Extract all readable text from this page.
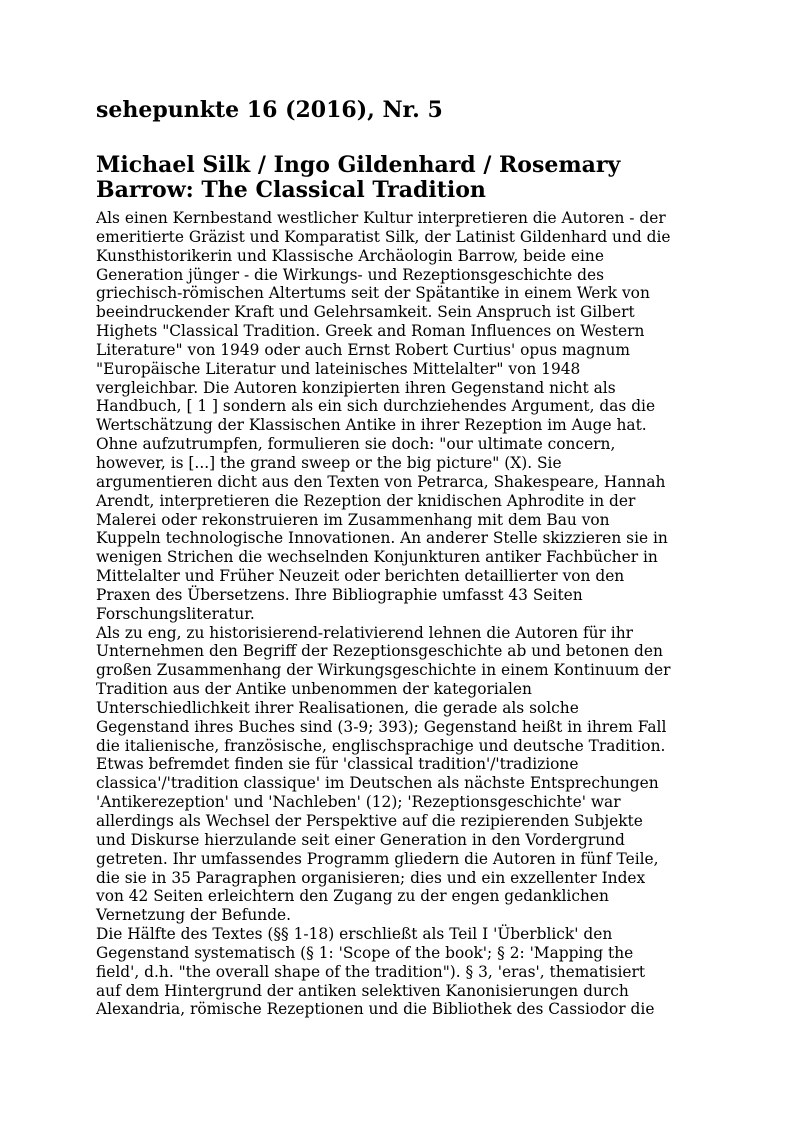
sehepunkte 16 (2016), Nr. 5
Michael Silk / Ingo Gildenhard / Rosemary
Barrow: The Classical Tradition

Als einen Kernbestand westlicher Kultur interpretieren die Autoren - der
emeritierte Gräzist und Komparatist Silk, der Latinist Gildenhard und die
Kunsthistorikerin und Klassische Archäologin Barrow, beide eine
Generation jünger - die Wirkungs- und Rezeptionsgeschichte des
griechisch-römischen Altertums seit der Spätantike in einem Werk von
beeindruckender Kraft und Gelehrsamkeit. Sein Anspruch ist Gilbert
Highets "Classical Tradition. Greek and Roman Influences on Western
Literature" von 1949 oder auch Ernst Robert Curtius' opus magnum
"Europäische Literatur und lateinisches Mittelalter" von 1948
vergleichbar. Die Autoren konzipierten ihren Gegenstand nicht als
Handbuch, [ 1 ] sondern als ein sich durchziehendes Argument, das die
Wertschätzung der Klassischen Antike in ihrer Rezeption im Auge hat.
Ohne aufzutrumpfen, formulieren sie doch: "our ultimate concern,
however, is [...] the grand sweep or the big picture" (X). Sie
argumentieren dicht aus den Texten von Petrarca, Shakespeare, Hannah
Arendt, interpretieren die Rezeption der knidischen Aphrodite in der
Malerei oder rekonstruieren im Zusammenhang mit dem Bau von
Kuppeln technologische Innovationen. An anderer Stelle skizzieren sie in
wenigen Strichen die wechselnden Konjunkturen antiker Fachbücher in
Mittelalter und Früher Neuzeit oder berichten detaillierter von den
Praxen des Übersetzens. Ihre Bibliographie umfasst 43 Seiten
Forschungsliteratur.

Als zu eng, zu historisierend-relativierend lehnen die Autoren für ihr
Unternehmen den Begriff der Rezeptionsgeschichte ab und betonen den
großen Zusammenhang der Wirkungsgeschichte in einem Kontinuum der
Tradition aus der Antike unbenommen der kategorialen
Unterschiedlichkeit ihrer Realisationen, die gerade als solche
Gegenstand ihres Buches sind (3-9; 393); Gegenstand heißt in ihrem Fall
die italienische, französische, englischsprachige und deutsche Tradition.
Etwas befremdet finden sie für 'classical tradition'/'tradizione
classica'/'tradition classique' im Deutschen als nächste Entsprechungen
'Antikerezeption' und 'Nachleben' (12); 'Rezeptionsgeschichte' war
allerdings als Wechsel der Perspektive auf die rezipierenden Subjekte
und Diskurse hierzulande seit einer Generation in den Vordergrund
getreten. Ihr umfassendes Programm gliedern die Autoren in fünf Teile,
die sie in 35 Paragraphen organisieren; dies und ein exzellenter Index
von 42 Seiten erleichtern den Zugang zu der engen gedanklichen
Vernetzung der Befunde.

Die Hälfte des Textes (§§ 1-18) erschließt als Teil I 'Überblick' den
Gegenstand systematisch (§ 1: 'Scope of the book'; § 2: 'Mapping the
field', d.h. "the overall shape of the tradition"). § 3, 'eras', thematisiert
auf dem Hintergrund der antiken selektiven Kanonisierungen durch
Alexandria, römische Rezeptionen und die Bibliothek des Cassiodor die
